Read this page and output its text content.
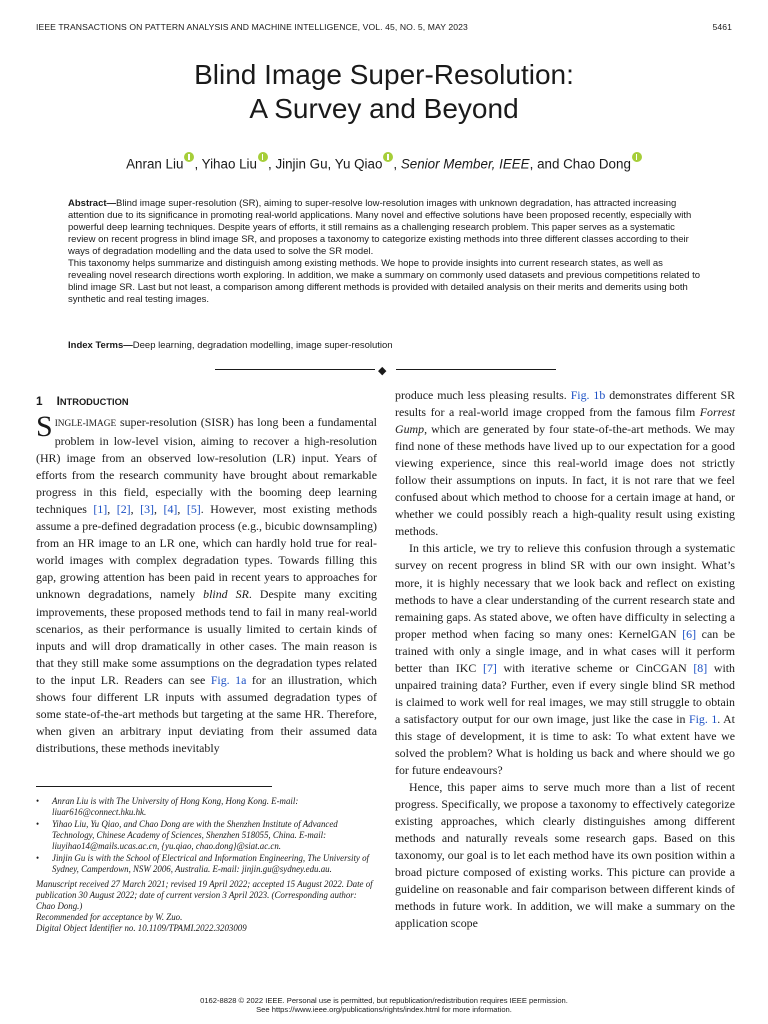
IEEE TRANSACTIONS ON PATTERN ANALYSIS AND MACHINE INTELLIGENCE, VOL. 45, NO. 5, MAY 2023	5461
Blind Image Super-Resolution:
A Survey and Beyond
Anran Liu , Yihao Liu , Jinjin Gu, Yu Qiao , Senior Member, IEEE, and Chao Dong

Abstract—Blind image super-resolution (SR), aiming to super-resolve low-resolution images with unknown degradation, has attracted increasing attention due to its significance in promoting real-world applications. Many novel and effective solutions have been proposed recently, especially with powerful deep learning techniques. Despite years of efforts, it still remains as a challenging research problem. This paper serves as a systematic review on recent progress in blind image SR, and proposes a taxonomy to categorize existing methods into three different classes according to their ways of degradation modelling and the data used to solve the SR model.

This taxonomy helps summarize and distinguish among existing methods. We hope to provide insights into current research states, as well as revealing novel research directions worth exploring. In addition, we make a summary on commonly used datasets and previous competitions related to blind image SR. Last but not least, a comparison among different methods is provided with detailed analysis on their merits and demerits using both synthetic and real testing images.

Index Terms—Deep learning, degradation modelling, image super-resolution
◆
1 INTRODUCTION

SINGLE-IMAGE super-resolution (SISR) has long been a fundamental problem in low-level vision, aiming to recover a high-resolution (HR) image from an observed low-resolution (LR) input. Years of efforts from the research community have brought about remarkable progress in this field, especially with the booming deep learning techniques [1], [2], [3], [4], [5]. However, most existing methods assume a pre-defined degradation process (e.g., bicubic downsampling) from an HR image to an LR one, which can hardly hold true for real-world images with complex degradation types. Towards filling this gap, growing attention has been paid in recent years to approaches for unknown degradations, namely blind SR. Despite many exciting improvements, these proposed methods tend to fail in many real-world scenarios, as their performance is usually limited to certain kinds of inputs and will drop dramatically in other cases. The main reason is that they still make some assumptions on the degradation types related to the input LR. Readers can see Fig. 1a for an illustration, which shows four different LR inputs with assumed degradation types of some state-of-the-art methods but targeting at the same HR. Therefore, when given an arbitrary input deviating from their assumed data distributions, these methods inevitably

• Anran Liu is with The University of Hong Kong, Hong Kong. E-mail: liuar616@connect.hku.hk.
• Yihao Liu, Yu Qiao, and Chao Dong are with the Shenzhen Institute of Advanced Technology, Chinese Academy of Sciences, Shenzhen 518055, China. E-mail: liuyihao14@mails.ucas.ac.cn, {yu.qiao, chao.dong}@siat.ac.cn.
• Jinjin Gu is with the School of Electrical and Information Engineering, The University of Sydney, Camperdown, NSW 2006, Australia. E-mail: jinjin.gu@sydney.edu.au.

Manuscript received 27 March 2021; revised 19 April 2022; accepted 15 August 2022. Date of publication 30 August 2022; date of current version 3 April 2023. (Corresponding author: Chao Dong.)

Recommended for acceptance by W. Zuo.

Digital Object Identifier no. 10.1109/TPAMI.2022.3203009

produce much less pleasing results. Fig. 1b demonstrates different SR results for a real-world image cropped from the famous film Forrest Gump, which are generated by four state-of-the-art methods. We may find none of these methods have lived up to our expectation for a good viewing experience, since this real-world image does not strictly follow their assumptions on inputs. In fact, it is not rare that we feel confused about which method to choose for a certain image at hand, or whether we could possibly reach a high-quality result using existing methods.

In this article, we try to relieve this confusion through a systematic survey on recent progress in blind SR with our own insight. What’s more, it is highly necessary that we look back and reflect on existing methods to have a clear understanding of the current research state and remaining gaps. As stated above, we often have difficulty in selecting a proper method when facing so many ones: KernelGAN [6] can be trained with only a single image, and in what cases will it perform better than IKC [7] with iterative scheme or CinCGAN [8] with unpaired training data? Further, even if every single blind SR method is claimed to work well for real images, we may still struggle to obtain a satisfactory output for our own image, just like the case in Fig. 1. At this stage of development, it is time to ask: To what extent have we solved the problem? What is holding us back and where should we go for future endeavours?

Hence, this paper aims to serve much more than a list of recent progress. Specifically, we propose a taxonomy to effectively categorize existing approaches, which clearly distinguishes among different methods and naturally reveals some research gaps. Based on this taxonomy, our goal is to let each method have its own position within a broad picture composed of existing works. This picture can provide a guideline on reasonable and fair comparison between different kinds of methods in future work. In addition, we will make a summary on the application scope

0162-8828 © 2022 IEEE. Personal use is permitted, but republication/redistribution requires IEEE permission.
See https://www.ieee.org/publications/rights/index.html for more information.
